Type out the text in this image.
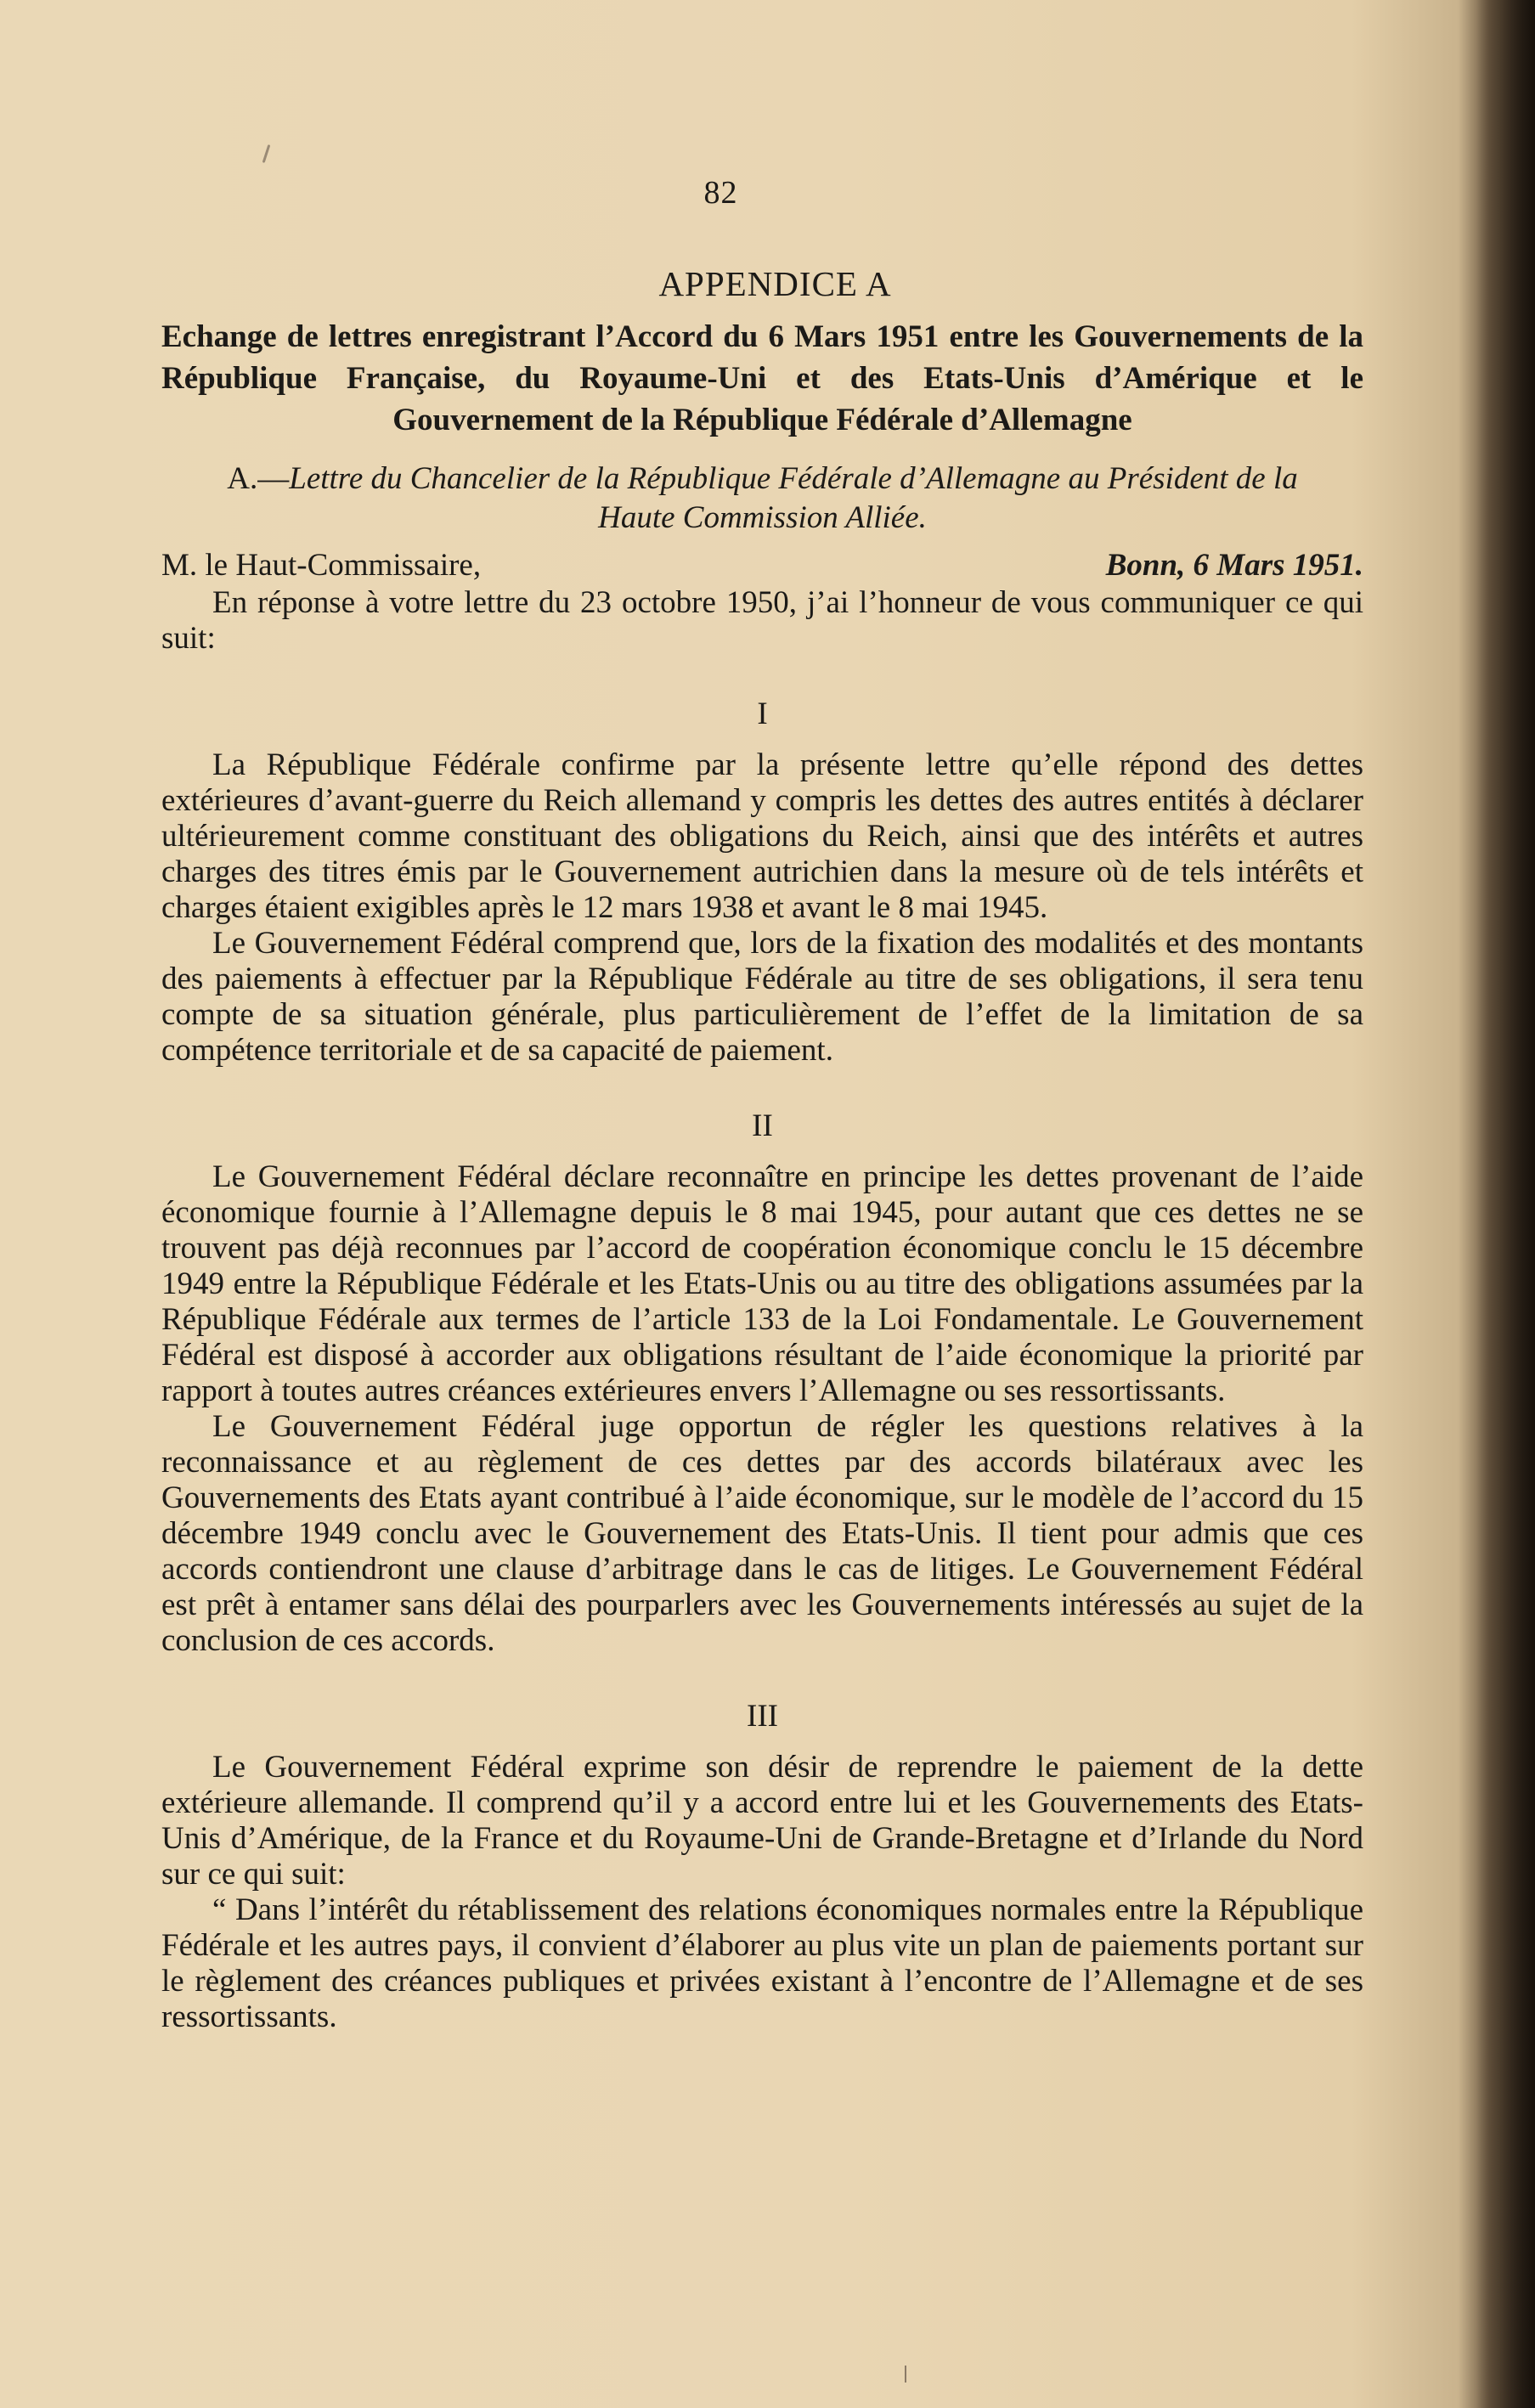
82
APPENDICE A
Echange de lettres enregistrant l’Accord du 6 Mars 1951 entre les Gouvernements de la République Française, du Royaume-Uni et des Etats-Unis d’Amérique et le Gouvernement de la République Fédérale d’Allemagne
A.—Lettre du Chancelier de la République Fédérale d’Allemagne au Président de la Haute Commission Alliée.
M. le Haut-Commissaire,	Bonn, 6 Mars 1951.

En réponse à votre lettre du 23 octobre 1950, j’ai l’honneur de vous communiquer ce qui suit:

I

La République Fédérale confirme par la présente lettre qu’elle répond des dettes extérieures d’avant-guerre du Reich allemand y compris les dettes des autres entités à déclarer ultérieurement comme constituant des obligations du Reich, ainsi que des intérêts et autres charges des titres émis par le Gouvernement autrichien dans la mesure où de tels intérêts et charges étaient exigibles après le 12 mars 1938 et avant le 8 mai 1945.

Le Gouvernement Fédéral comprend que, lors de la fixation des modalités et des montants des paiements à effectuer par la République Fédérale au titre de ses obligations, il sera tenu compte de sa situation générale, plus particulièrement de l’effet de la limitation de sa compétence territoriale et de sa capacité de paiement.

II

Le Gouvernement Fédéral déclare reconnaître en principe les dettes provenant de l’aide économique fournie à l’Allemagne depuis le 8 mai 1945, pour autant que ces dettes ne se trouvent pas déjà reconnues par l’accord de coopération économique conclu le 15 décembre 1949 entre la République Fédérale et les Etats-Unis ou au titre des obligations assumées par la République Fédérale aux termes de l’article 133 de la Loi Fondamentale. Le Gouvernement Fédéral est disposé à accorder aux obligations résultant de l’aide économique la priorité par rapport à toutes autres créances extérieures envers l’Allemagne ou ses ressortissants.

Le Gouvernement Fédéral juge opportun de régler les questions relatives à la reconnaissance et au règlement de ces dettes par des accords bilatéraux avec les Gouvernements des Etats ayant contribué à l’aide économique, sur le modèle de l’accord du 15 décembre 1949 conclu avec le Gouvernement des Etats-Unis. Il tient pour admis que ces accords contiendront une clause d’arbitrage dans le cas de litiges. Le Gouvernement Fédéral est prêt à entamer sans délai des pourparlers avec les Gouvernements intéressés au sujet de la conclusion de ces accords.

III

Le Gouvernement Fédéral exprime son désir de reprendre le paiement de la dette extérieure allemande. Il comprend qu’il y a accord entre lui et les Gouvernements des Etats-Unis d’Amérique, de la France et du Royaume-Uni de Grande-Bretagne et d’Irlande du Nord sur ce qui suit:

“ Dans l’intérêt du rétablissement des relations économiques normales entre la République Fédérale et les autres pays, il convient d’élaborer au plus vite un plan de paiements portant sur le règlement des créances publiques et privées existant à l’encontre de l’Allemagne et de ses ressortissants.
